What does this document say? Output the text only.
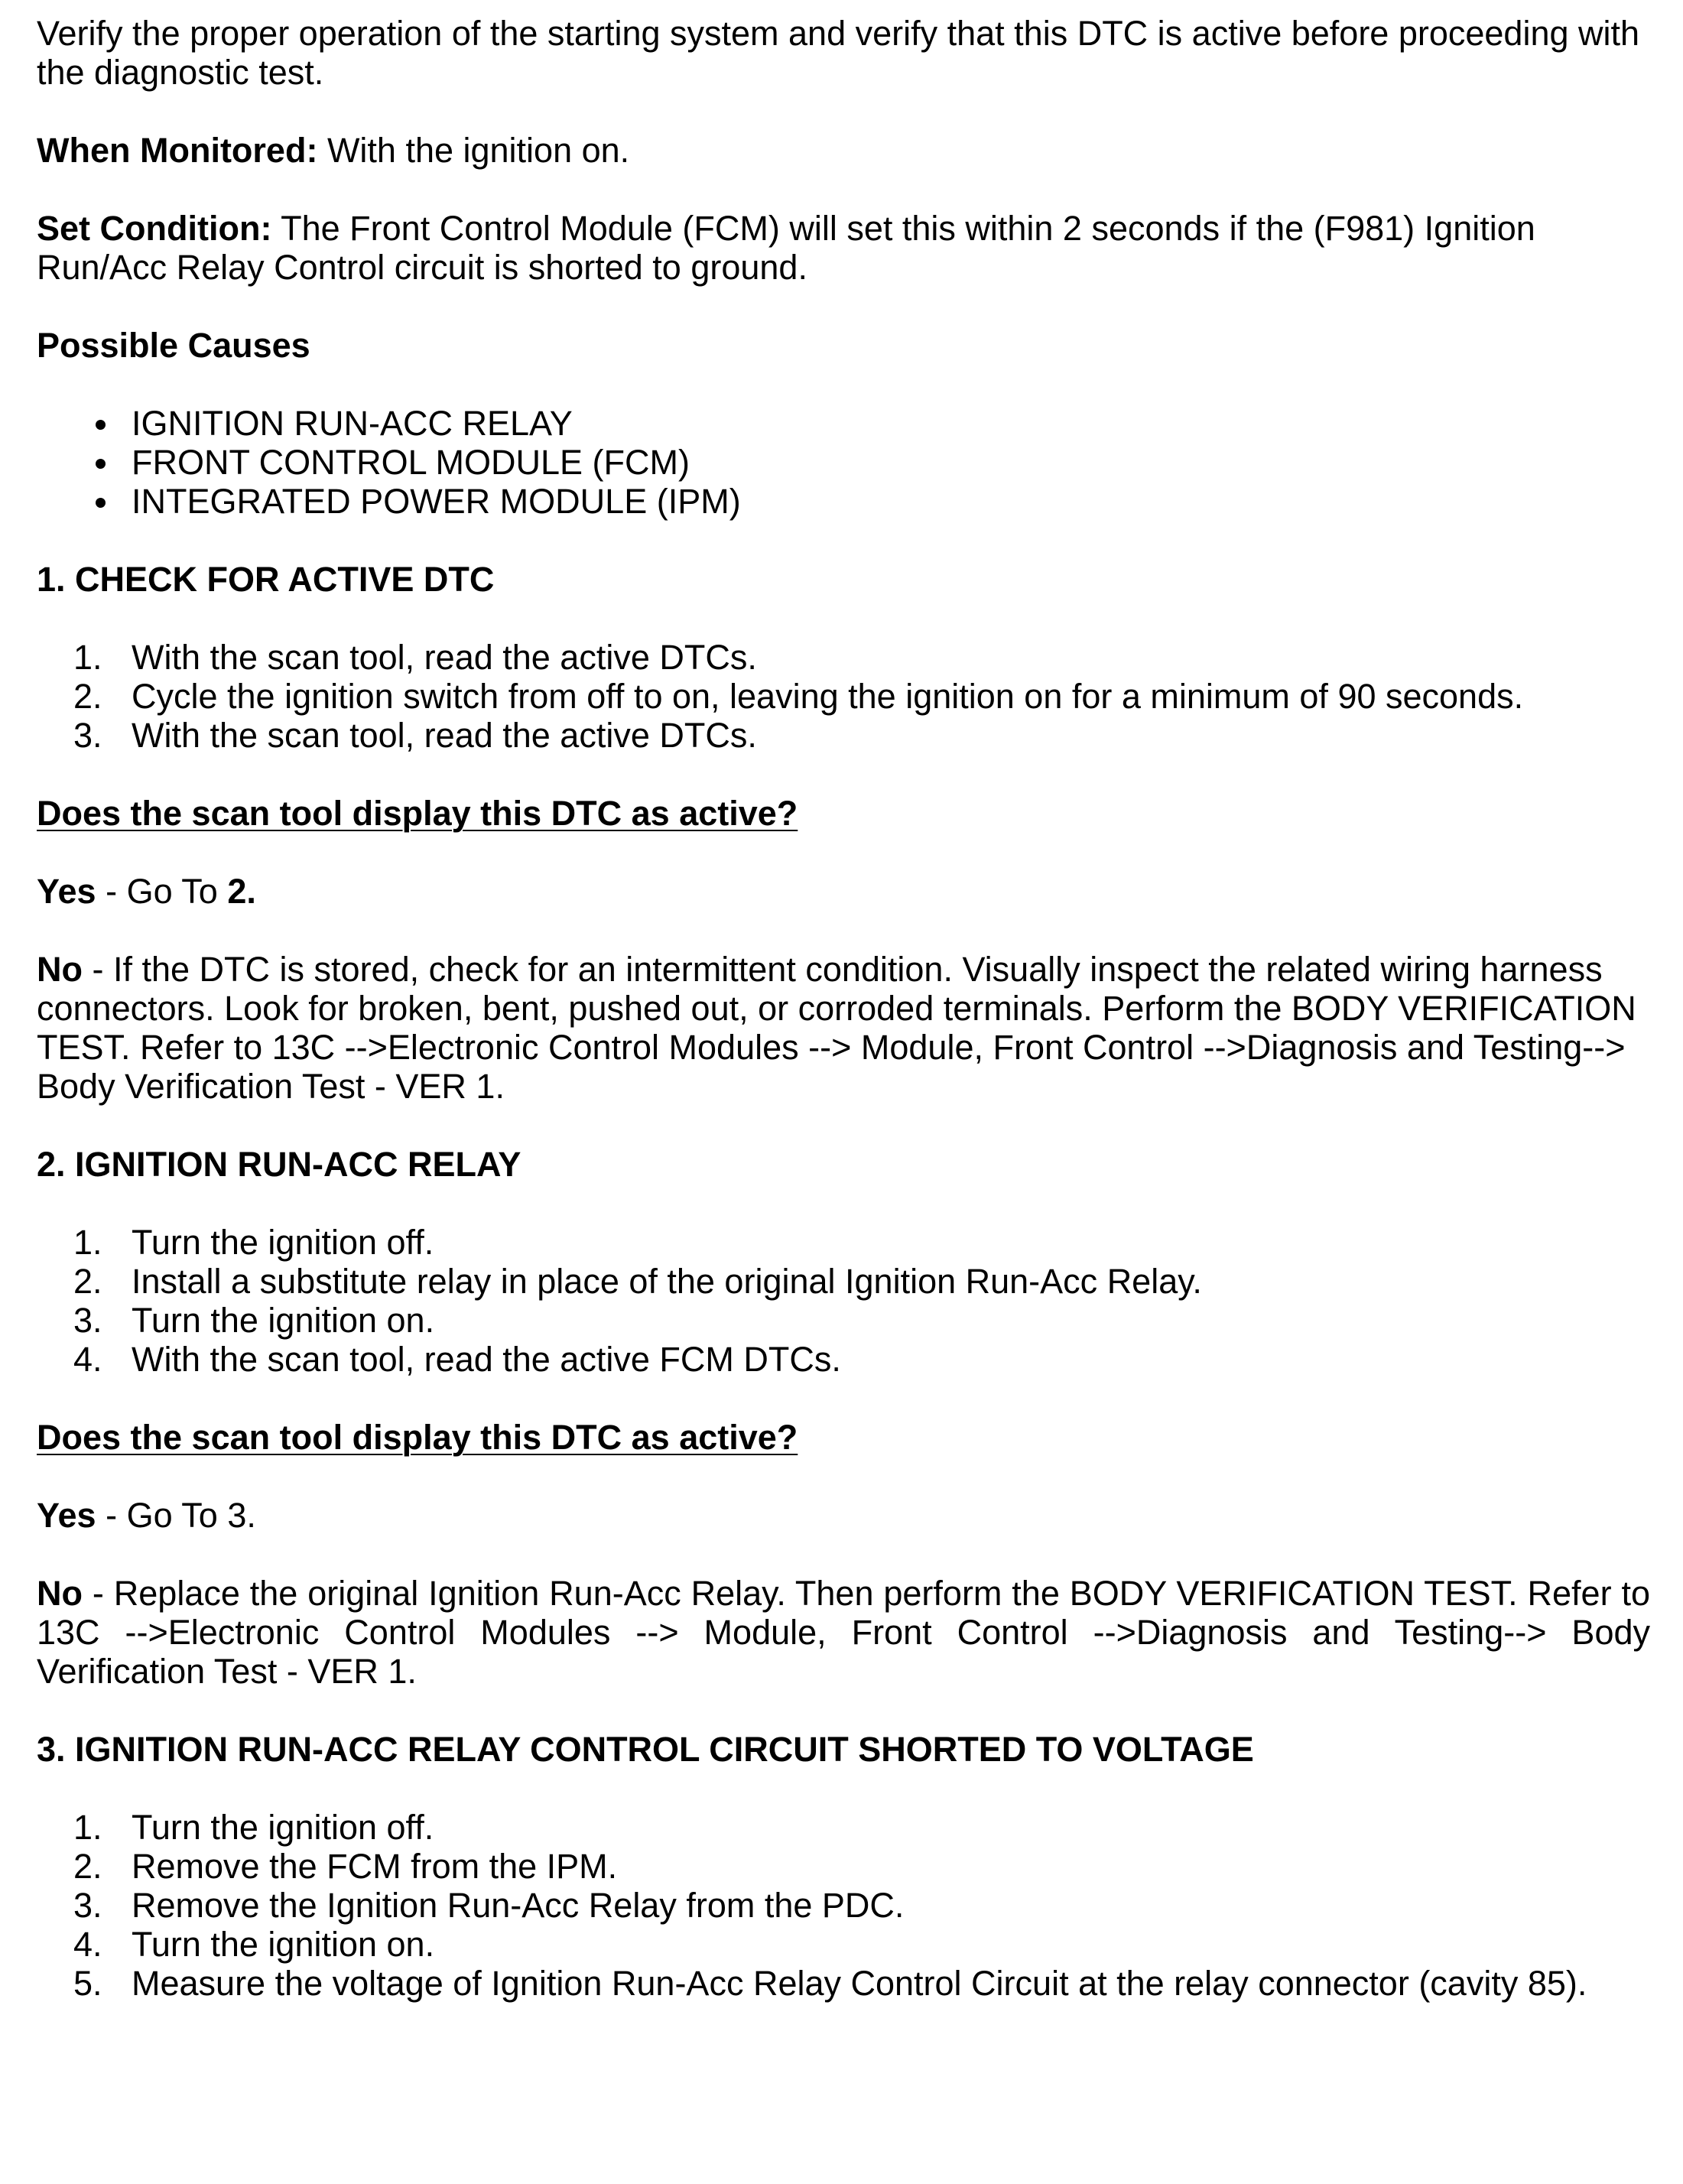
Verify the proper operation of the starting system and verify that this DTC is active before proceeding with the diagnostic test.

When Monitored: With the ignition on.

Set Condition: The Front Control Module (FCM) will set this within 2 seconds if the (F981) Ignition Run/Acc Relay Control circuit is shorted to ground.

Possible Causes

IGNITION RUN-ACC RELAY
FRONT CONTROL MODULE (FCM)
INTEGRATED POWER MODULE (IPM)

1. CHECK FOR ACTIVE DTC

1. With the scan tool, read the active DTCs.
2. Cycle the ignition switch from off to on, leaving the ignition on for a minimum of 90 seconds.
3. With the scan tool, read the active DTCs.

Does the scan tool display this DTC as active?

Yes - Go To 2.

No - If the DTC is stored, check for an intermittent condition. Visually inspect the related wiring harness connectors. Look for broken, bent, pushed out, or corroded terminals. Perform the BODY VERIFICATION TEST. Refer to 13C -->Electronic Control Modules --> Module, Front Control -->Diagnosis and Testing--> Body Verification Test - VER 1.

2. IGNITION RUN-ACC RELAY

1. Turn the ignition off.
2. Install a substitute relay in place of the original Ignition Run-Acc Relay.
3. Turn the ignition on.
4. With the scan tool, read the active FCM DTCs.

Does the scan tool display this DTC as active?

Yes - Go To 3.

No - Replace the original Ignition Run-Acc Relay. Then perform the BODY VERIFICATION TEST. Refer to 13C -->Electronic Control Modules --> Module, Front Control -->Diagnosis and Testing--> Body Verification Test - VER 1.

3. IGNITION RUN-ACC RELAY CONTROL CIRCUIT SHORTED TO VOLTAGE

1. Turn the ignition off.
2. Remove the FCM from the IPM.
3. Remove the Ignition Run-Acc Relay from the PDC.
4. Turn the ignition on.
5. Measure the voltage of Ignition Run-Acc Relay Control Circuit at the relay connector (cavity 85).
